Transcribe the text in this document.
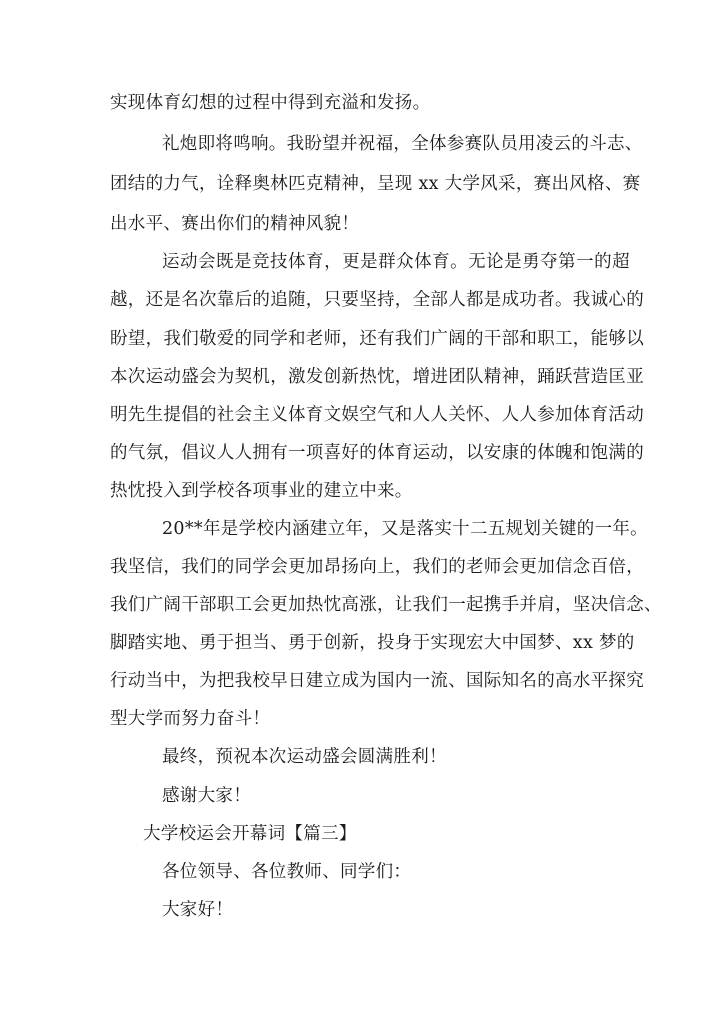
实现体育幻想的过程中得到充溢和发扬。
礼炮即将鸣响。我盼望并祝福，全体参赛队员用凌云的斗志、
团结的力气，诠释奥林匹克精神，呈现 xx 大学风采，赛出风格、赛
出水平、赛出你们的精神风貌！
运动会既是竞技体育，更是群众体育。无论是勇夺第一的超
越，还是名次靠后的追随，只要坚持，全部人都是成功者。我诚心的
盼望，我们敬爱的同学和老师，还有我们广阔的干部和职工，能够以
本次运动盛会为契机，激发创新热忱，增进团队精神，踊跃营造匡亚
明先生提倡的社会主义体育文娱空气和人人关怀、人人参加体育活动
的气氛，倡议人人拥有一项喜好的体育运动，以安康的体魄和饱满的
热忱投入到学校各项事业的建立中来。
20**年是学校内涵建立年，又是落实十二五规划关键的一年。
我坚信，我们的同学会更加昂扬向上，我们的老师会更加信念百倍，
我们广阔干部职工会更加热忱高涨，让我们一起携手并肩，坚决信念、
脚踏实地、勇于担当、勇于创新，投身于实现宏大中国梦、xx 梦的
行动当中，为把我校早日建立成为国内一流、国际知名的高水平探究
型大学而努力奋斗！
最终，预祝本次运动盛会圆满胜利！
感谢大家！
大学校运会开幕词【篇三】
各位领导、各位教师、同学们：
大家好！
